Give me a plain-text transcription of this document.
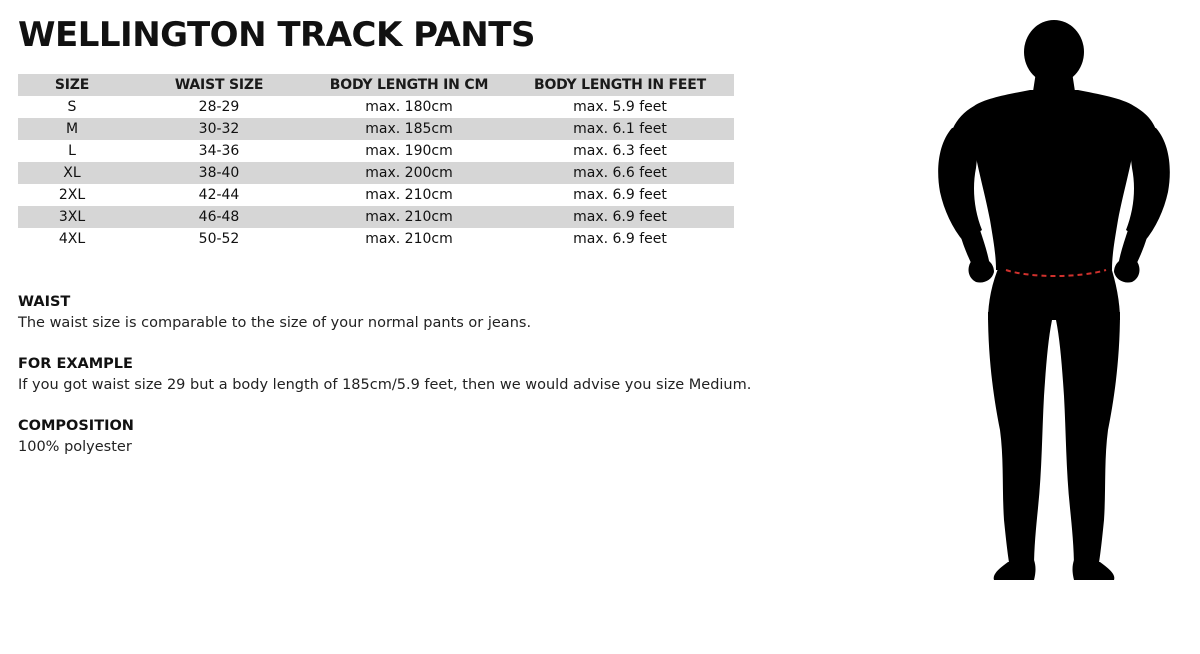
WELLINGTON TRACK PANTS
SIZE	WAIST SIZE	BODY LENGTH IN CM	BODY LENGTH IN FEET
S	28-29	max. 180cm	max. 5.9 feet
M	30-32	max. 185cm	max. 6.1 feet
L	34-36	max. 190cm	max. 6.3 feet
XL	38-40	max. 200cm	max. 6.6 feet
2XL	42-44	max. 210cm	max. 6.9 feet
3XL	46-48	max. 210cm	max. 6.9 feet
4XL	50-52	max. 210cm	max. 6.9 feet
WAIST
The waist size is comparable to the size of your normal pants or jeans.
FOR EXAMPLE
If you got waist size 29 but a body length of 185cm/5.9 feet, then we would advise you size Medium.
COMPOSITION
100% polyester
